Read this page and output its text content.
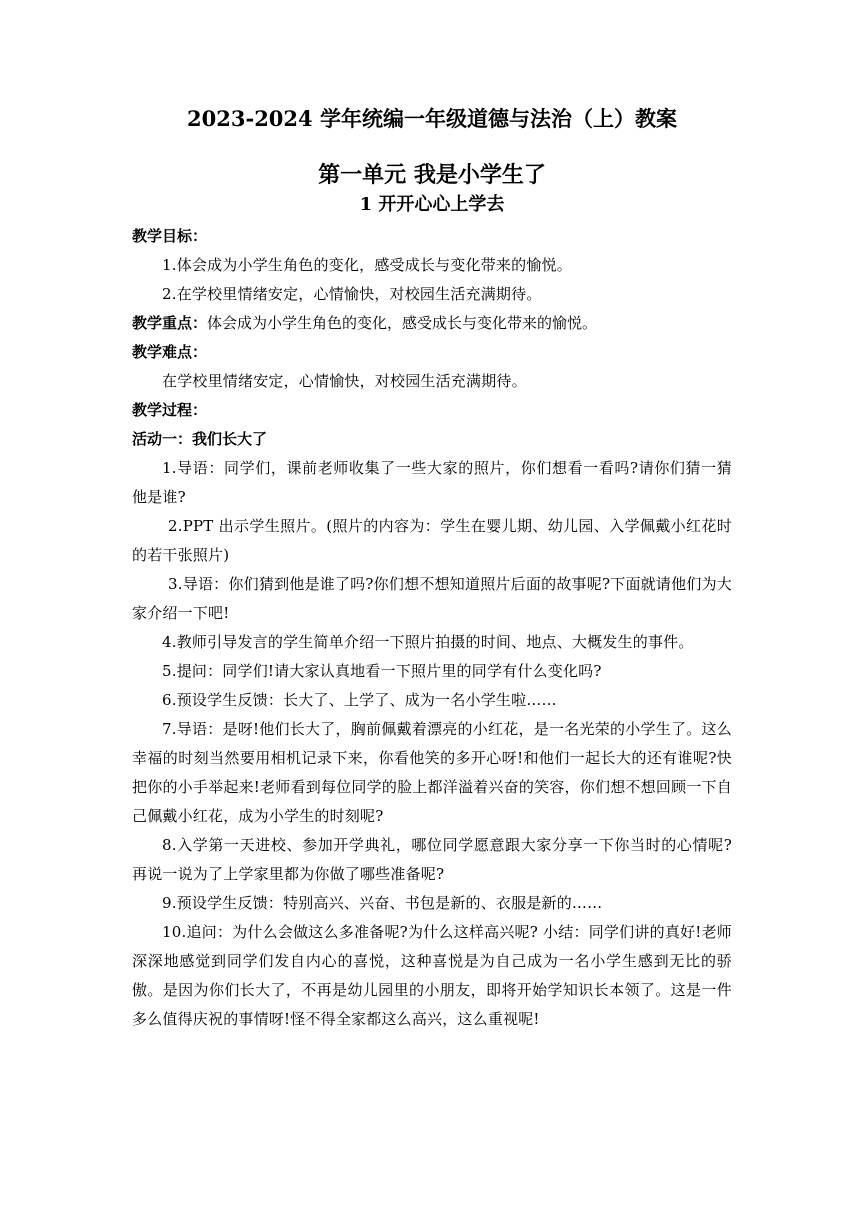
2023-2024 学年统编一年级道德与法治（上）教案
第一单元 我是小学生了
1 开开心心上学去

教学目标：

1.体会成为小学生角色的变化，感受成长与变化带来的愉悦。

2.在学校里情绪安定，心情愉快，对校园生活充满期待。

教学重点：体会成为小学生角色的变化，感受成长与变化带来的愉悦。

教学难点：

在学校里情绪安定，心情愉快，对校园生活充满期待。

教学过程：

活动一：我们长大了

1.导语：同学们，课前老师收集了一些大家的照片，你们想看一看吗?请你们猜一猜他是谁?

2.PPT 出示学生照片。(照片的内容为：学生在婴儿期、幼儿园、入学佩戴小红花时的若干张照片)

3.导语：你们猜到他是谁了吗?你们想不想知道照片后面的故事呢?下面就请他们为大家介绍一下吧!

4.教师引导发言的学生简单介绍一下照片拍摄的时间、地点、大概发生的事件。

5.提问：同学们!请大家认真地看一下照片里的同学有什么变化吗?

6.预设学生反馈：长大了、上学了、成为一名小学生啦……

7.导语：是呀!他们长大了，胸前佩戴着漂亮的小红花，是一名光荣的小学生了。这么幸福的时刻当然要用相机记录下来，你看他笑的多开心呀!和他们一起长大的还有谁呢?快把你的小手举起来!老师看到每位同学的脸上都洋溢着兴奋的笑容，你们想不想回顾一下自己佩戴小红花，成为小学生的时刻呢?

8.入学第一天进校、参加开学典礼，哪位同学愿意跟大家分享一下你当时的心情呢?再说一说为了上学家里都为你做了哪些准备呢?

9.预设学生反馈：特别高兴、兴奋、书包是新的、衣服是新的……

10.追问：为什么会做这么多准备呢?为什么这样高兴呢? 小结：同学们讲的真好!老师深深地感觉到同学们发自内心的喜悦，这种喜悦是为自己成为一名小学生感到无比的骄傲。是因为你们长大了，不再是幼儿园里的小朋友，即将开始学知识长本领了。这是一件多么值得庆祝的事情呀!怪不得全家都这么高兴，这么重视呢!
